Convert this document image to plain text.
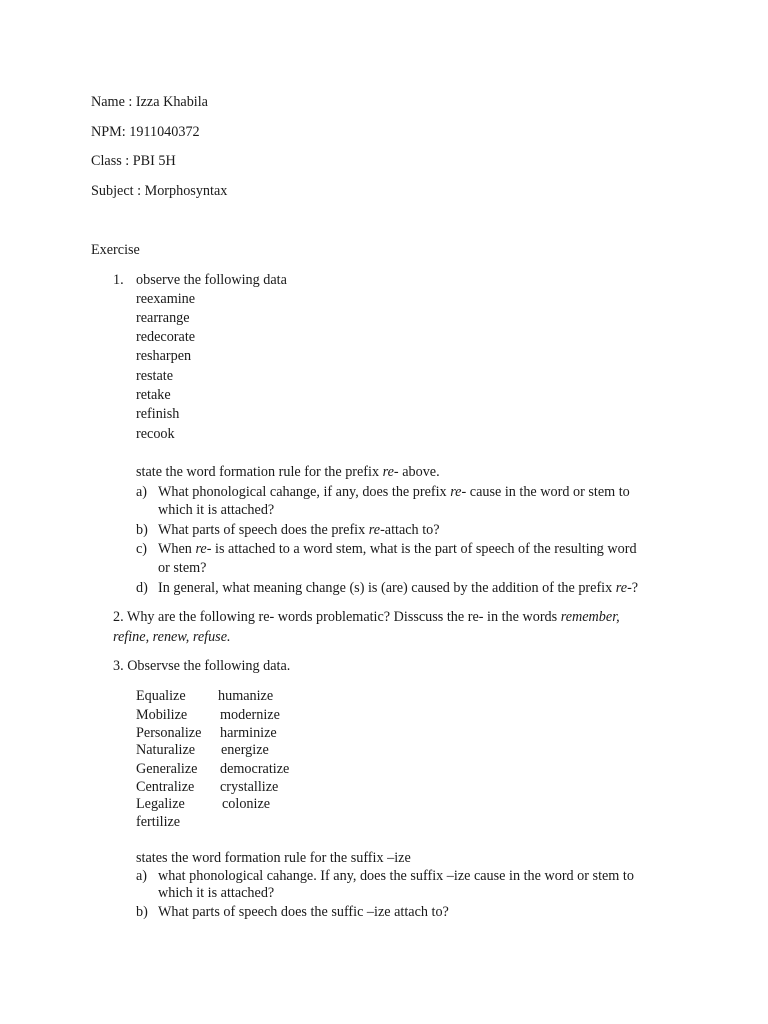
Name : Izza Khabila
NPM: 1911040372
Class : PBI 5H
Subject : Morphosyntax
Exercise
1. observe the following data
reexamine
rearrange
redecorate
resharpen
restate
retake
refinish
recook
state the word formation rule for the prefix re- above.
a) What phonological cahange, if any, does the prefix re- cause in the word or stem to
which it is attached?
b) What parts of speech does the prefix re-attach to?
c) When re- is attached to a word stem, what is the part of speech of the resulting word
or stem?
d) In general, what meaning change (s) is (are) caused by the addition of the prefix re-?
2. Why are the following re- words problematic? Disscuss the re- in the words remember,
refine, renew, refuse.
3. Observse the following data.
Equalize
Mobilize
Personalize
Naturalize
Generalize
Centralize
Legalize
fertilize
humanize
modernize
harminize
energize
democratize
crystallize
colonize
states the word formation rule for the suffix –ize
a) what phonological cahange. If any, does the suffix –ize cause in the word or stem to
which it is attached?
b) What parts of speech does the suffic –ize attach to?
